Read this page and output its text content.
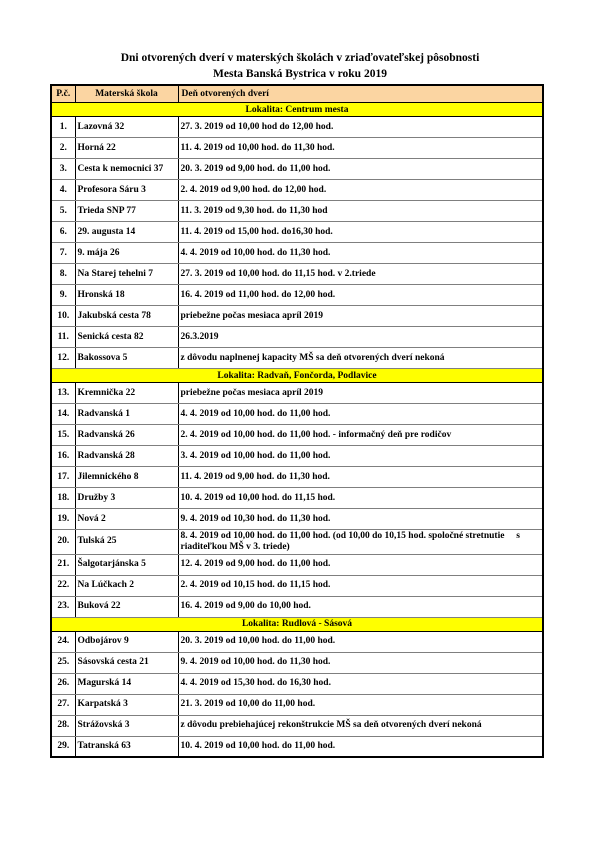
Dni otvorených dverí v materských školách v zriaďovateľskej pôsobnosti
Mesta Banská Bystrica v roku 2019
P.č.	Materská škola	Deň otvorených dverí
Lokalita: Centrum mesta		
1.	Lazovná 32	27. 3. 2019 od 10,00 hod do 12,00 hod.
2.	Horná 22	11. 4. 2019 od 10,00 hod. do 11,30 hod.
3.	Cesta k nemocnici 37	20. 3. 2019 od 9,00 hod. do 11,00 hod.
4.	Profesora Sáru 3	2. 4. 2019 od 9,00 hod. do 12,00 hod.
5.	Trieda SNP 77	11. 3. 2019 od 9,30 hod. do 11,30 hod
6.	29. augusta 14	11. 4. 2019 od 15,00 hod. do16,30 hod.
7.	9. mája 26	4. 4. 2019 od 10,00 hod. do 11,30 hod.
8.	Na Starej tehelni 7	27. 3. 2019 od 10,00 hod. do 11,15 hod. v 2.triede
9.	Hronská 18	16. 4. 2019 od 11,00 hod. do 12,00 hod.
10.	Jakubská cesta 78	priebežne počas mesiaca apríl 2019
11.	Senická cesta 82	26.3.2019
12.	Bakossova 5	z dôvodu naplnenej kapacity MŠ sa deň otvorených dverí nekoná
Lokalita: Radvaň, Fončorda, Podlavice		
13.	Kremnička 22	priebežne počas mesiaca apríl 2019
14.	Radvanská 1	4. 4. 2019 od 10,00 hod. do 11,00 hod.
15.	Radvanská 26	2. 4. 2019 od 10,00 hod. do 11,00 hod. - informačný deň pre rodičov
16.	Radvanská 28	3. 4. 2019 od 10,00 hod. do 11,00 hod.
17.	Jilemnického 8	11. 4. 2019 od 9,00 hod. do 11,30 hod.
18.	Družby 3	10. 4. 2019 od 10,00 hod. do 11,15 hod.
19.	Nová 2	9. 4. 2019 od 10,30 hod. do 11,30 hod.
20.	Tulská 25	8. 4. 2019 od 10,00 hod. do 11,00 hod. (od 10,00 do 10,15 hod. spoločné stretnutie     s
riaditeľkou MŠ v 3. triede)

21.	Šalgotarjánska 5	12. 4. 2019 od 9,00 hod. do 11,00 hod.
22.	Na Lúčkach 2	2. 4. 2019 od 10,15 hod. do 11,15 hod.
23.	Buková 22	16. 4. 2019 od 9,00 do 10,00 hod.
Lokalita: Rudlová - Sásová		
24.	Odbojárov 9	20. 3. 2019 od 10,00 hod. do 11,00 hod.
25.	Sásovská cesta 21	9. 4. 2019 od 10,00 hod. do 11,30 hod.
26.	Magurská 14	4. 4. 2019 od 15,30 hod. do 16,30 hod.
27.	Karpatská 3	21. 3. 2019 od 10,00 do 11,00 hod.
28.	Strážovská 3	z dôvodu prebiehajúcej rekonštrukcie MŠ sa deň otvorených dverí nekoná
29.	Tatranská 63	10. 4. 2019 od 10,00 hod. do 11,00 hod.
